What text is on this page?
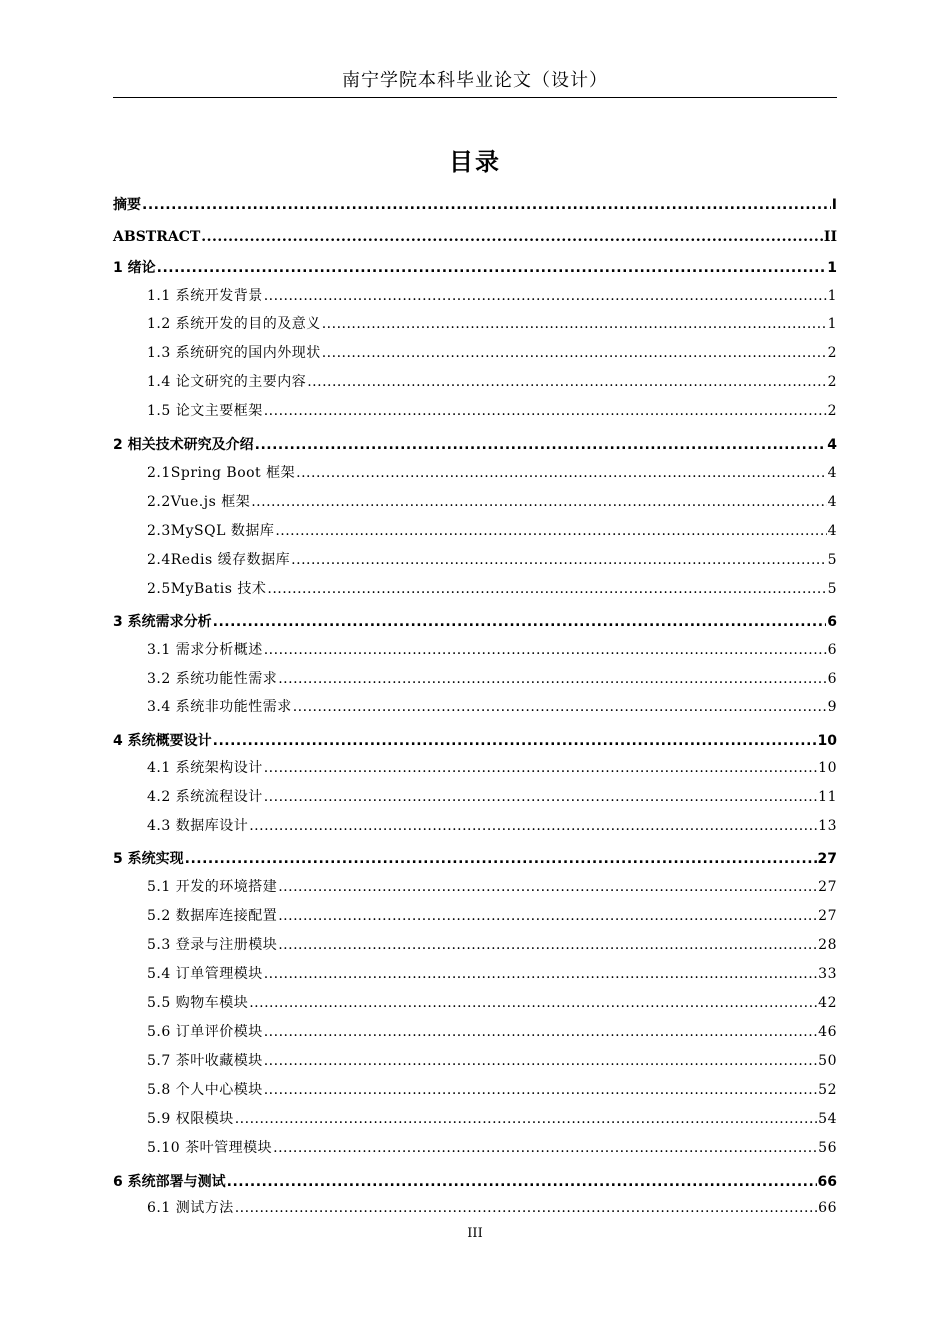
南宁学院本科毕业论文（设计）
目录
摘要 .....	I
ABSTRACT .....	II
1 绪论 .....	1
1.1 系统开发背景 .....	1
1.2 系统开发的目的及意义 .....	1
1.3 系统研究的国内外现状 .....	2
1.4 论文研究的主要内容 .....	2
1.5 论文主要框架 .....	2
2 相关技术研究及介绍 .....	4
2.1Spring Boot 框架 .....	4
2.2Vue.js 框架 .....	4
2.3MySQL 数据库 .....	4
2.4Redis 缓存数据库 .....	5
2.5MyBatis 技术 .....	5
3 系统需求分析 .....	6
3.1 需求分析概述 .....	6
3.2 系统功能性需求 .....	6
3.4 系统非功能性需求 .....	9
4 系统概要设计 .....	10
4.1 系统架构设计 .....	10
4.2 系统流程设计 .....	11
4.3 数据库设计 .....	13
5 系统实现 .....	27
5.1 开发的环境搭建 .....	27
5.2 数据库连接配置 .....	27
5.3 登录与注册模块 .....	28
5.4 订单管理模块 .....	33
5.5 购物车模块 .....	42
5.6 订单评价模块 .....	46
5.7 茶叶收藏模块 .....	50
5.8 个人中心模块 .....	52
5.9 权限模块 .....	54
5.10 茶叶管理模块 .....	56
6 系统部署与测试 .....	66
6.1 测试方法 .....	66
III
